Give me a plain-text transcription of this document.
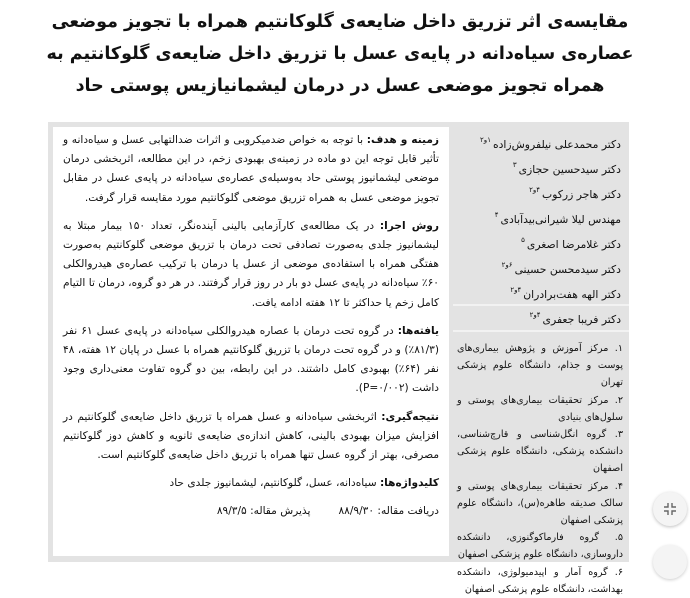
مقایسه‌ی اثر تزریق داخل ضایعه‌ی گلوکانتیم همراه با تجویز موضعی عصاره‌ی سیاه‌دانه در پایه‌ی عسل با تزریق داخل ضایعه‌ی گلوکانتیم به همراه تجویز موضعی عسل در درمان لیشمانیازیس پوستی حاد
دکتر محمدعلی نیلفروش‌زاده$^{۱و۲}$
دکتر سیدحسین حجازی$^۳$
دکتر هاجر زرکوب$^{۴و۲}$
مهندس لیلا شیرانی‌بیدآبادی$^۴$
دکتر غلامرضا اصغری$^۵$
دکتر سیدمحسن حسینی$^{۶و۲}$
دکتر الهه هفت‌برادران$^{۴و۲}$
دکتر فریبا جعفری$^{۴و۲}$

۱. مرکز آموزش و پژوهش بیماری‌های پوست و جذام، دانشگاه علوم پزشکی تهران

۲. مرکز تحقیقات بیماری‌های پوستی و سلول‌های بنیادی

۳. گروه انگل‌شناسی و قارچ‌شناسی، دانشکده پزشکی، دانشگاه علوم پزشکی اصفهان

۴. مرکز تحقیقات بیماری‌های پوستی و سالک صدیقه طاهره(س)، دانشگاه علوم پزشکی اصفهان

۵. گروه فارماکوگنوزی، دانشکده داروسازی، دانشگاه علوم پزشکی اصفهان

۶. گروه آمار و اپیدمیولوژی، دانشکده بهداشت، دانشگاه علوم پزشکی اصفهان

زمینه و هدف: با توجه به خواص ضدمیکروبی و اثرات ضدالتهابی عسل و سیاه‌دانه و تأثیر قابل توجه این دو ماده در زمینه‌ی بهبودی زخم، در این مطالعه، اثربخشی درمان موضعی لیشمانیوز پوستی حاد به‌وسیله‌ی عصاره‌ی سیاه‌دانه در پایه‌ی عسل در مقابل تجویز موضعی عسل به همراه تزریق موضعی گلوکانتیم مورد مقایسه قرار گرفت.

روش اجرا: در یک مطالعه‌ی کارآزمایی بالینی آینده‌نگر، تعداد ۱۵۰ بیمار مبتلا به لیشمانیوز جلدی به‌صورت تصادفی تحت درمان با تزریق موضعی گلوکانتیم به‌صورت هفتگی همراه با استفاده‌ی موضعی از عسل یا درمان با ترکیب عصاره‌ی هیدروالکلی ۶۰٪ سیاه‌دانه در پایه‌ی عسل دو بار در روز قرار گرفتند. در هر دو گروه، درمان تا التیام کامل زخم یا حداکثر تا ۱۲ هفته ادامه یافت.

یافته‌ها: در گروه تحت درمان با عصاره هیدروالکلی سیاه‌دانه در پایه‌ی عسل ۶۱ نفر (۸۱/۳٪) و در گروه تحت درمان با تزریق گلوکانتیم همراه با عسل در پایان ۱۲ هفته، ۴۸ نفر (۶۴٪) بهبودی کامل داشتند. در این رابطه، بین دو گروه تفاوت معنی‌داری وجود داشت (P=۰/۰۰۲).

نتیجه‌گیری: اثربخشی سیاه‌دانه و عسل همراه با تزریق داخل ضایعه‌ی گلوکانتیم در افزایش میزان بهبودی بالینی، کاهش اندازه‌ی ضایعه‌ی ثانویه و کاهش دوز گلوکانتیم مصرفی، بهتر از گروه عسل تنها همراه با تزریق داخل ضایعه‌ی گلوکانتیم است.

کلیدواژه‌ها: سیاه‌دانه، عسل، گلوکانتیم، لیشمانیوز جلدی حاد

دریافت مقاله: ۸۸/۹/۳۰
پذیرش مقاله: ۸۹/۳/۵
